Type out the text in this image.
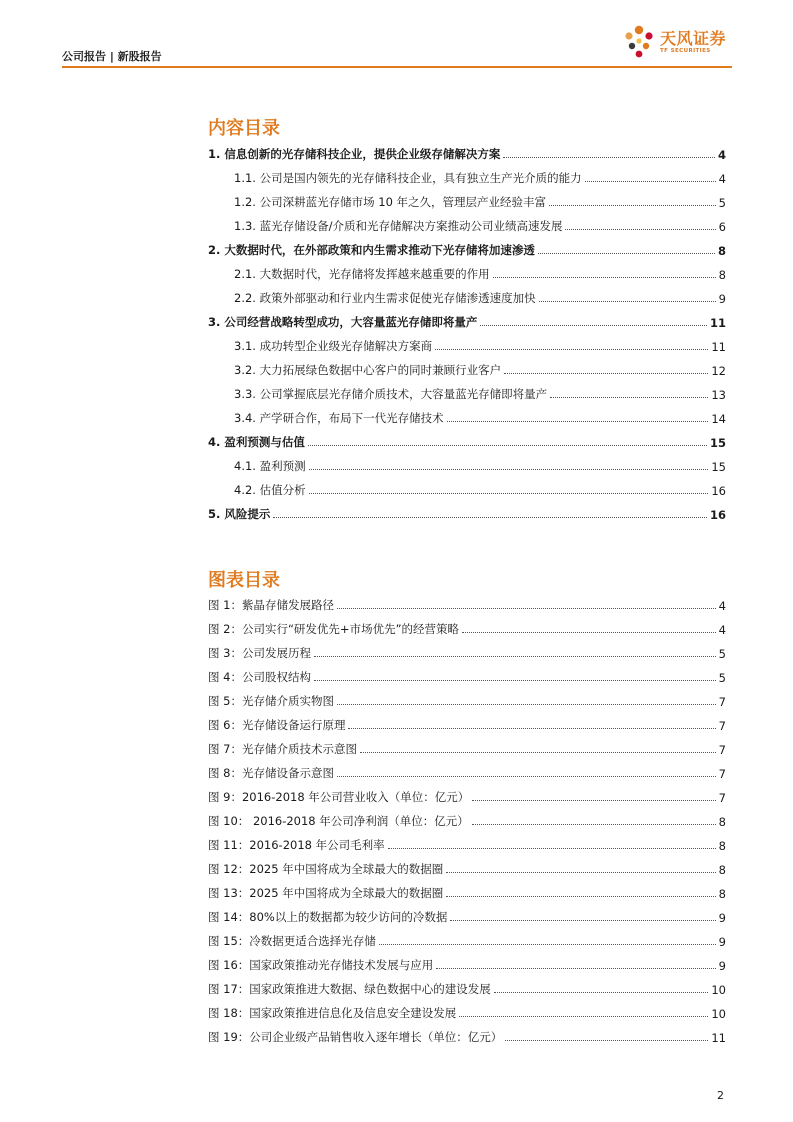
公司报告 | 新股报告
天风证券
TF SECURITIES
内容目录
1. 信息创新的光存储科技企业，提供企业级存储解决方案	4
1.1. 公司是国内领先的光存储科技企业，具有独立生产光介质的能力	4
1.2. 公司深耕蓝光存储市场 10 年之久，管理层产业经验丰富	5
1.3. 蓝光存储设备/介质和光存储解决方案推动公司业绩高速发展	6
2. 大数据时代，在外部政策和内生需求推动下光存储将加速渗透	8
2.1. 大数据时代，光存储将发挥越来越重要的作用	8
2.2. 政策外部驱动和行业内生需求促使光存储渗透速度加快	9
3. 公司经营战略转型成功，大容量蓝光存储即将量产	11
3.1. 成功转型企业级光存储解决方案商	11
3.2. 大力拓展绿色数据中心客户的同时兼顾行业客户	12
3.3. 公司掌握底层光存储介质技术，大容量蓝光存储即将量产	13
3.4. 产学研合作，布局下一代光存储技术	14
4. 盈利预测与估值	15
4.1. 盈利预测	15
4.2. 估值分析	16
5. 风险提示	16
图表目录
图 1：紫晶存储发展路径	4
图 2：公司实行“研发优先+市场优先”的经营策略	4
图 3：公司发展历程	5
图 4：公司股权结构	5
图 5：光存储介质实物图	7
图 6：光存储设备运行原理	7
图 7：光存储介质技术示意图	7
图 8：光存储设备示意图	7
图 9：2016-2018 年公司营业收入（单位：亿元）	7
图 10： 2016-2018 年公司净利润（单位：亿元）	8
图 11：2016-2018 年公司毛利率	8
图 12：2025 年中国将成为全球最大的数据圈	8
图 13：2025 年中国将成为全球最大的数据圈	8
图 14：80%以上的数据都为较少访问的冷数据	9
图 15：冷数据更适合选择光存储	9
图 16：国家政策推动光存储技术发展与应用	9
图 17：国家政策推进大数据、绿色数据中心的建设发展	10
图 18：国家政策推进信息化及信息安全建设发展	10
图 19：公司企业级产品销售收入逐年增长（单位：亿元）	11
2
